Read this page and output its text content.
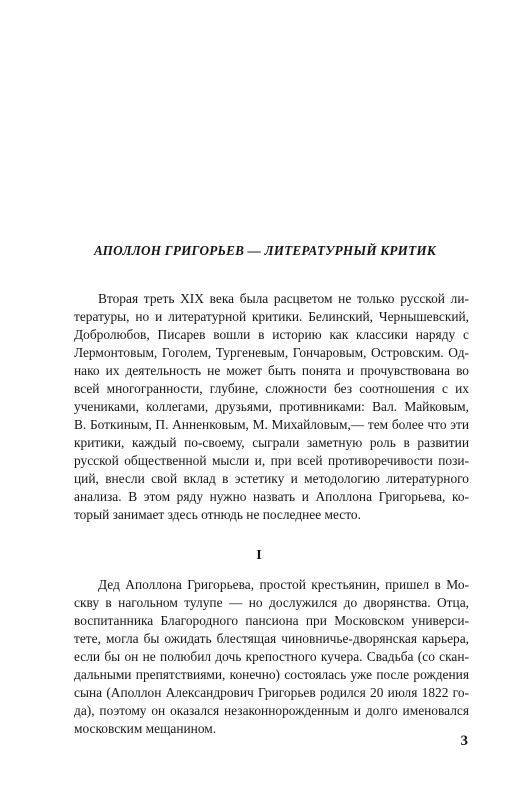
АПОЛЛОН ГРИГОРЬЕВ — ЛИТЕРАТУРНЫЙ КРИТИК

Вторая треть XIX века была расцветом не только русской ли-
тературы, но и литературной критики. Белинский, Чернышевский,
Добролюбов, Писарев вошли в историю как классики наряду с
Лермонтовым, Гоголем, Тургеневым, Гончаровым, Островским. Од-
нако их деятельность не может быть понята и прочувствована во
всей многогранности, глубине, сложности без соотношения с их
учениками, коллегами, друзьями, противниками: Вал. Майковым,
В. Боткиным, П. Анненковым, М. Михайловым,— тем более что эти
критики, каждый по-своему, сыграли заметную роль в развитии
русской общественной мысли и, при всей противоречивости пози-
ций, внесли свой вклад в эстетику и методологию литературного
анализа. В этом ряду нужно назвать и Аполлона Григорьева, ко-
торый занимает здесь отнюдь не последнее место.

I

Дед Аполлона Григорьева, простой крестьянин, пришел в Мо-
скву в нагольном тулупе — но дослужился до дворянства. Отца,
воспитанника Благородного пансиона при Московском универси-
тете, могла бы ожидать блестящая чиновничье-дворянская карьера,
если бы он не полюбил дочь крепостного кучера. Свадьба (со скан-
дальными препятствиями, конечно) состоялась уже после рождения
сына (Аполлон Александрович Григорьев родился 20 июля 1822 го-
да), поэтому он оказался незаконнорожденным и долго именовался
московским мещанином.

3
